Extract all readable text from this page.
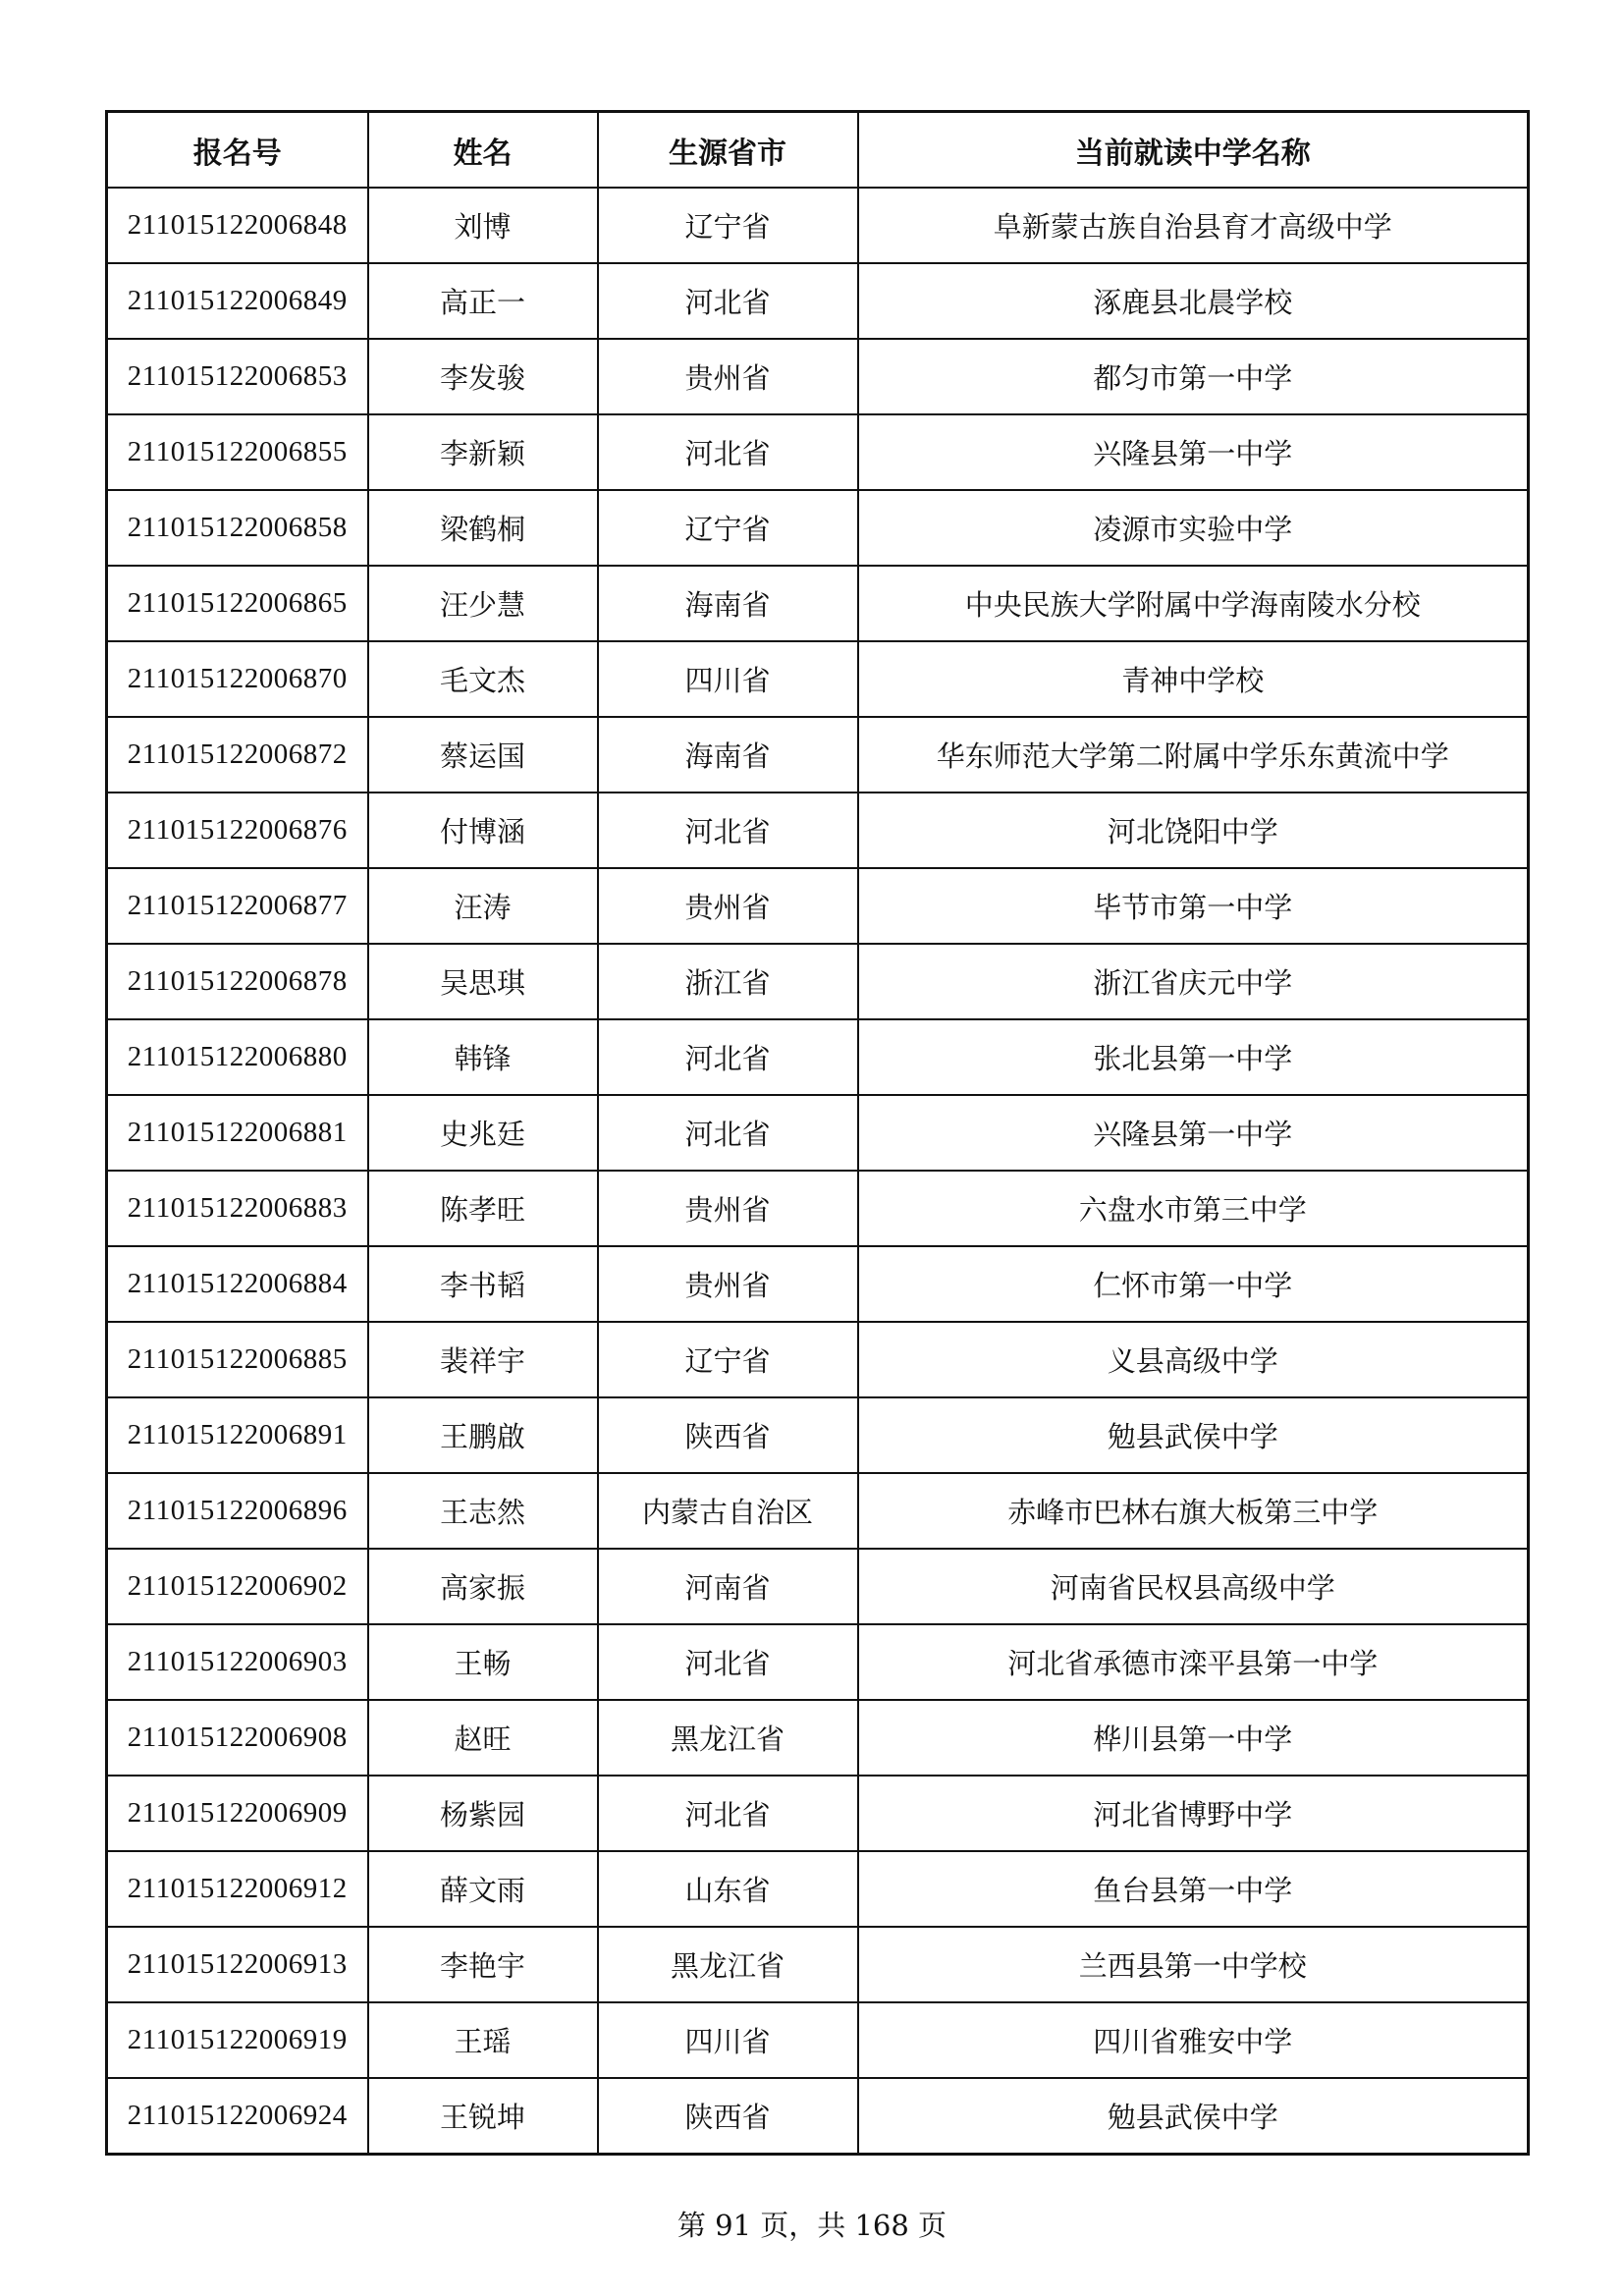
报名号	姓名	生源省市	当前就读中学名称
211015122006848	刘博	辽宁省	阜新蒙古族自治县育才高级中学
211015122006849	高正一	河北省	涿鹿县北晨学校
211015122006853	李发骏	贵州省	都匀市第一中学
211015122006855	李新颖	河北省	兴隆县第一中学
211015122006858	梁鹤桐	辽宁省	凌源市实验中学
211015122006865	汪少慧	海南省	中央民族大学附属中学海南陵水分校
211015122006870	毛文杰	四川省	青神中学校
211015122006872	蔡运国	海南省	华东师范大学第二附属中学乐东黄流中学
211015122006876	付博涵	河北省	河北饶阳中学
211015122006877	汪涛	贵州省	毕节市第一中学
211015122006878	吴思琪	浙江省	浙江省庆元中学
211015122006880	韩锋	河北省	张北县第一中学
211015122006881	史兆廷	河北省	兴隆县第一中学
211015122006883	陈孝旺	贵州省	六盘水市第三中学
211015122006884	李书韬	贵州省	仁怀市第一中学
211015122006885	裴祥宇	辽宁省	义县高级中学
211015122006891	王鹏啟	陕西省	勉县武侯中学
211015122006896	王志然	内蒙古自治区	赤峰市巴林右旗大板第三中学
211015122006902	高家振	河南省	河南省民权县高级中学
211015122006903	王畅	河北省	河北省承德市滦平县第一中学
211015122006908	赵旺	黑龙江省	桦川县第一中学
211015122006909	杨紫园	河北省	河北省博野中学
211015122006912	薛文雨	山东省	鱼台县第一中学
211015122006913	李艳宇	黑龙江省	兰西县第一中学校
211015122006919	王瑶	四川省	四川省雅安中学
211015122006924	王锐坤	陕西省	勉县武侯中学
第 91 页，共 168 页
